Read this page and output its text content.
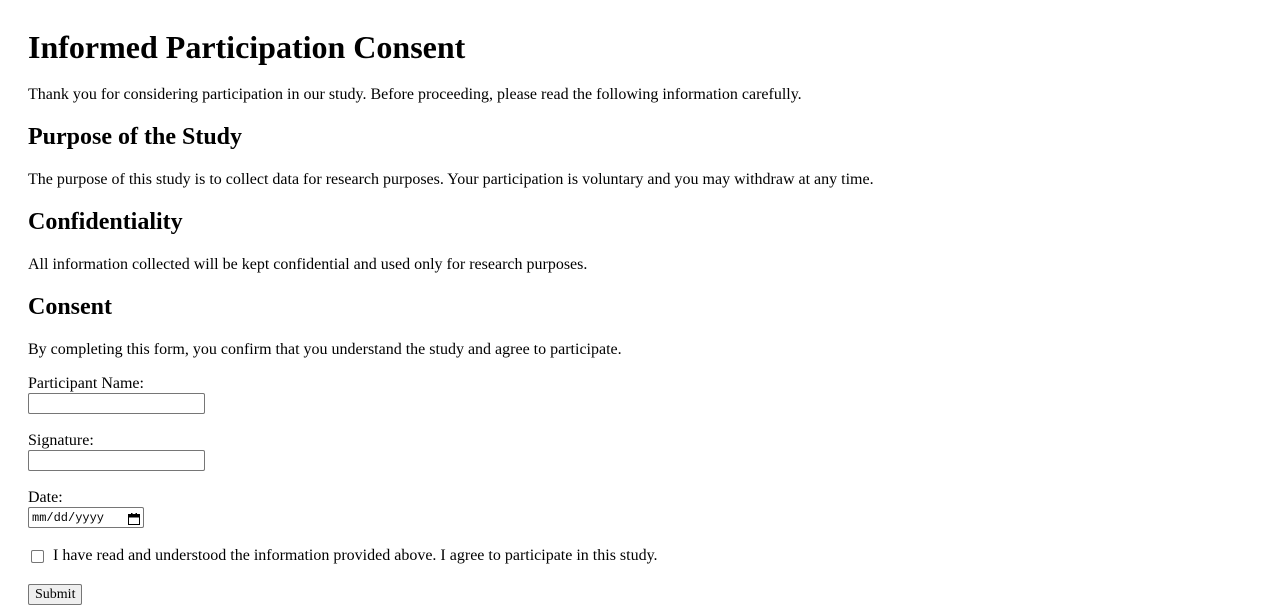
Informed Participation Consent

Thank you for considering participation in our study. Before proceeding, please read the following information carefully.

Purpose of the Study

The purpose of this study is to collect data for research purposes. Your participation is voluntary and you may withdraw at any time.

Confidentiality

All information collected will be kept confidential and used only for research purposes.

Consent

By completing this form, you confirm that you understand the study and agree to participate.

Participant Name:
Signature:
Date:
mm/dd/yyyy
I have read and understood the information provided above. I agree to participate in this study.
Submit
